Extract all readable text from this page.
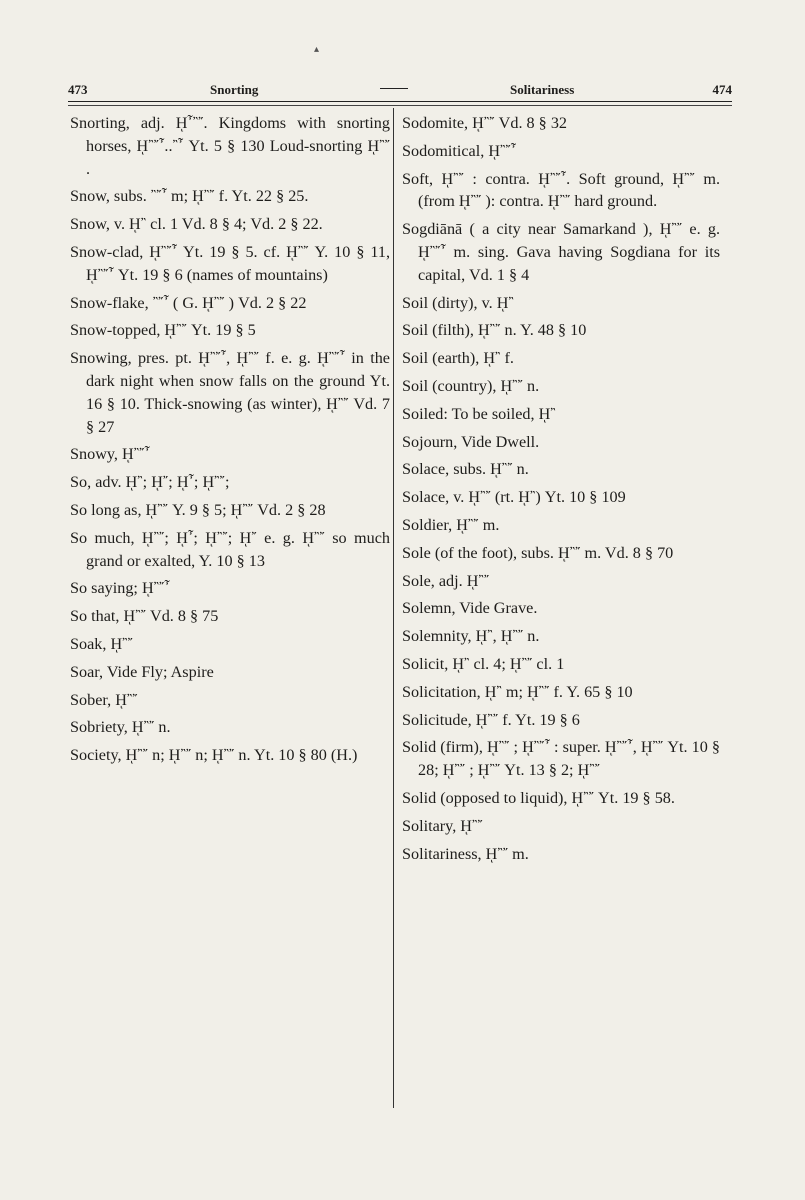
473	Snorting	Solitariness	474
▴
Snorting, adj. ῌ῏῍῎. Kingdoms with snorting horses, ῌ῍῎῏..῍῏ Yt. 5 § 130 Loud-snorting ῌ῍῎ .
Snow, subs. ῍῎῏ m; ῌ῍῎ f. Yt. 22 § 25.
Snow, v. ῌ῍ cl. 1 Vd. 8 § 4; Vd. 2 § 22.
Snow-clad, ῌ῍῎῏ Yt. 19 § 5. cf. ῌ῍῎ Y. 10 § 11, ῌ῍῎῏ Yt. 19 § 6 (names of mountains)
Snow-flake, ῍῎῏ ( G. ῌ῍῎ ) Vd. 2 § 22
Snow-topped, ῌ῍῎ Yt. 19 § 5
Snowing, pres. pt. ῌ῍῎῏, ῌ῍῎ f. e. g. ῌ῍῎῏ in the dark night when snow falls on the ground Yt. 16 § 10. Thick-snowing (as winter), ῌ῍῎ Vd. 7 § 27
Snowy, ῌ῍῎῏
So, adv. ῌ῍; ῌ῎; ῌ῏; ῌ῍῎;
So long as, ῌ῍῎ Y. 9 § 5; ῌ῍῎ Vd. 2 § 28
So much, ῌ῍῎; ῌ῏; ῌ῍῎; ῌ῎ e. g. ῌ῍῎ so much grand or exalted, Y. 10 § 13
So saying; ῌ῍῎῏
So that, ῌ῍῎ Vd. 8 § 75
Soak, ῌ῍῎
Soar, Vide Fly; Aspire
Sober, ῌ῍῎
Sobriety, ῌ῍῎ n.
Society, ῌ῍῎ n; ῌ῍῎ n; ῌ῍῎ n. Yt. 10 § 80 (H.)
Sodomite, ῌ῍῎ Vd. 8 § 32
Sodomitical, ῌ῍῎῏
Soft, ῌ῍῎ : contra. ῌ῍῎῏. Soft ground, ῌ῍῎ m. (from ῌ῍῎ ): contra. ῌ῍῎ hard ground.
Sogdiānā ( a city near Samarkand ), ῌ῍῎ e. g. ῌ῍῎῏ m. sing. Gava having Sogdiana for its capital, Vd. 1 § 4
Soil (dirty), v. ῌ῍
Soil (filth), ῌ῍῎ n. Y. 48 § 10
Soil (earth), ῌ῍ f.
Soil (country), ῌ῍῎ n.
Soiled: To be soiled, ῌ῍
Sojourn, Vide Dwell.
Solace, subs. ῌ῍῎ n.
Solace, v. ῌ῍῎ (rt. ῌ῍) Yt. 10 § 109
Soldier, ῌ῍῎ m.
Sole (of the foot), subs. ῌ῍῎ m. Vd. 8 § 70
Sole, adj. ῌ῍῎
Solemn, Vide Grave.
Solemnity, ῌ῍, ῌ῍῎ n.
Solicit, ῌ῍ cl. 4; ῌ῍῎ cl. 1
Solicitation, ῌ῍ m; ῌ῍῎ f. Y. 65 § 10
Solicitude, ῌ῍῎ f. Yt. 19 § 6
Solid (firm), ῌ῍῎ ; ῌ῍῎῏ : super. ῌ῍῎῏, ῌ῍῎ Yt. 10 § 28; ῌ῍῎ ; ῌ῍῎ Yt. 13 § 2; ῌ῍῎
Solid (opposed to liquid), ῌ῍῎ Yt. 19 § 58.
Solitary, ῌ῍῎
Solitariness, ῌ῍῎ m.
